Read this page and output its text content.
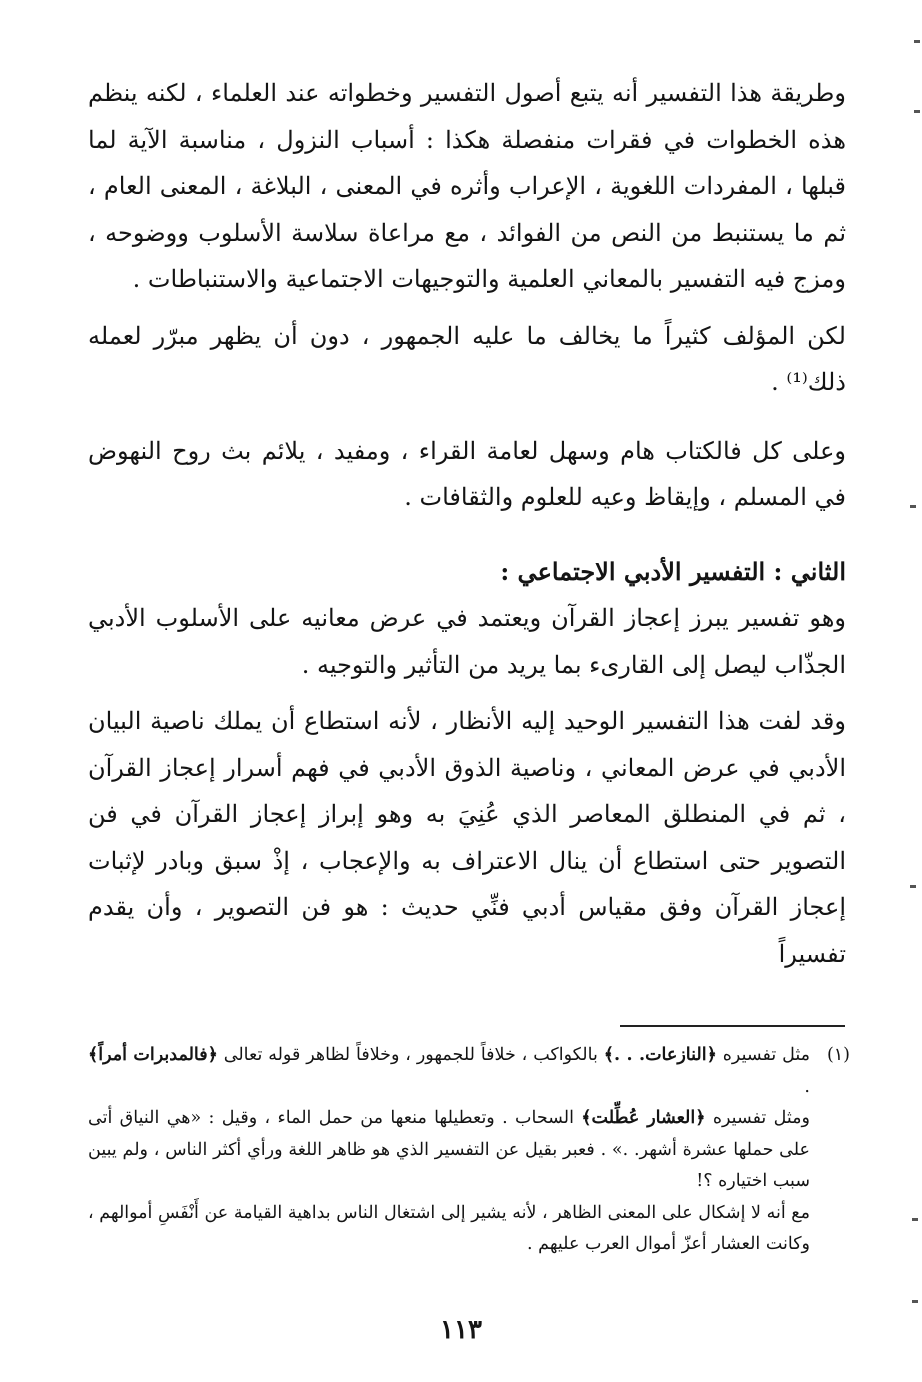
وطريقة هذا التفسير أنه يتبع أصول التفسير وخطواته عند العلماء ، لكنه ينظم هذه الخطوات في فقرات منفصلة هكذا : أسباب النزول ، مناسبة الآية لما قبلها ، المفردات اللغوية ، الإعراب وأثره في المعنى ، البلاغة ، المعنى العام ، ثم ما يستنبط من النص من الفوائد ، مع مراعاة سلاسة الأسلوب ووضوحه ، ومزج فيه التفسير بالمعاني العلمية والتوجيهات الاجتماعية والاستنباطات .

لكن المؤلف كثيراً ما يخالف ما عليه الجمهور ، دون أن يظهر مبرّر لعمله ذلك⁽¹⁾ .

وعلى كل فالكتاب هام وسهل لعامة القراء ، ومفيد ، يلائم بث روح النهوض في المسلم ، وإيقاظ وعيه للعلوم والثقافات .

الثاني : التفسير الأدبي الاجتماعي :

وهو تفسير يبرز إعجاز القرآن ويعتمد في عرض معانيه على الأسلوب الأدبي الجذّاب ليصل إلى القارىء بما يريد من التأثير والتوجيه .

وقد لفت هذا التفسير الوحيد إليه الأنظار ، لأنه استطاع أن يملك ناصية البيان الأدبي في عرض المعاني ، وناصية الذوق الأدبي في فهم أسرار إعجاز القرآن ، ثم في المنطلق المعاصر الذي عُنِيَ به وهو إبراز إعجاز القرآن في فن التصوير حتى استطاع أن ينال الاعتراف به والإعجاب ، إذْ سبق وبادر لإثبات إعجاز القرآن وفق مقياس أدبي فنِّي حديث : هو فن التصوير ، وأن يقدم تفسيراً

(١)

مثل تفسيره ﴿النازعات. . .﴾ بالكواكب ، خلافاً للجمهور ، وخلافاً لظاهر قوله تعالى ﴿فالمدبرات أمراً﴾ .

ومثل تفسيره ﴿العشار عُطِّلت﴾ السحاب . وتعطيلها منعها من حمل الماء ، وقيل : «هي النياق أتى على حملها عشرة أشهر. .» . فعبر بقيل عن التفسير الذي هو ظاهر اللغة ورأي أكثر الناس ، ولم يبين سبب اختياره ؟!

مع أنه لا إشكال على المعنى الظاهر ، لأنه يشير إلى اشتغال الناس بداهية القيامة عن أَنْفَسِ أموالهم ، وكانت العشار أعزّ أموال العرب عليهم .

١١٣
